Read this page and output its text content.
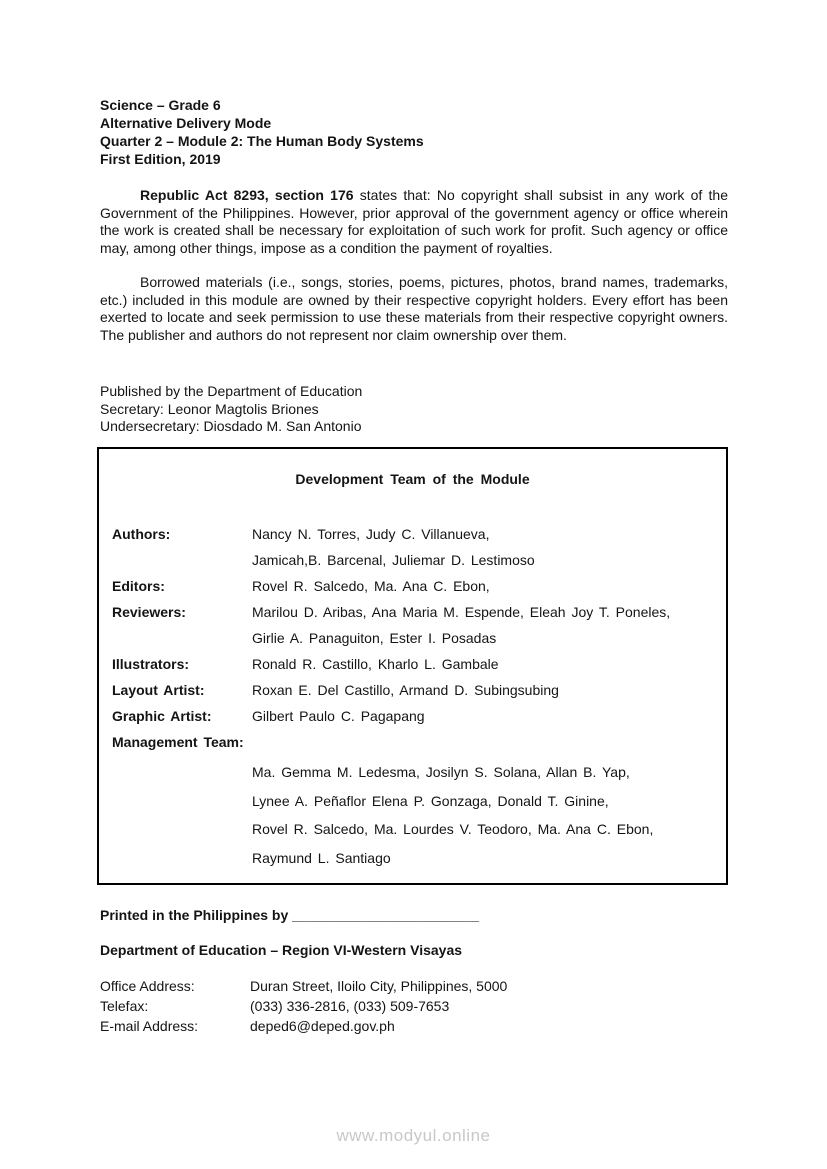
Science – Grade 6
Alternative Delivery Mode
Quarter 2 – Module 2: The Human Body Systems
First Edition, 2019

Republic Act 8293, section 176 states that: No copyright shall subsist in any work of the Government of the Philippines. However, prior approval of the government agency or office wherein the work is created shall be necessary for exploitation of such work for profit. Such agency or office may, among other things, impose as a condition the payment of royalties.

Borrowed materials (i.e., songs, stories, poems, pictures, photos, brand names, trademarks, etc.) included in this module are owned by their respective copyright holders. Every effort has been exerted to locate and seek permission to use these materials from their respective copyright owners. The publisher and authors do not represent nor claim ownership over them.

Published by the Department of Education
Secretary: Leonor Magtolis Briones
Undersecretary: Diosdado M. San Antonio
Development Team of the Module
Authors:	Nancy N. Torres, Judy C. Villanueva,
Jamicah,B. Barcenal, Juliemar D. Lestimoso
Editors:	Rovel R. Salcedo, Ma. Ana C. Ebon,
Reviewers:	Marilou D. Aribas, Ana Maria M. Espende, Eleah Joy T. Poneles,
Girlie A. Panaguiton, Ester I. Posadas
Illustrators:	Ronald R. Castillo, Kharlo L. Gambale
Layout Artist:	Roxan E. Del Castillo, Armand D. Subingsubing
Graphic Artist:	Gilbert Paulo C. Pagapang
Management Team:
Ma. Gemma M. Ledesma, Josilyn S. Solana, Allan B. Yap,
Lynee A. Peñaflor Elena P. Gonzaga, Donald T. Ginine,
Rovel R. Salcedo, Ma. Lourdes V. Teodoro, Ma. Ana C. Ebon,
Raymund L. Santiago
Printed in the Philippines by ________________________
Department of Education – Region VI-Western Visayas
Office Address:	Duran Street, Iloilo City, Philippines, 5000
Telefax:	(033) 336-2816, (033) 509-7653
E-mail Address:	deped6@deped.gov.ph
www.modyul.online
